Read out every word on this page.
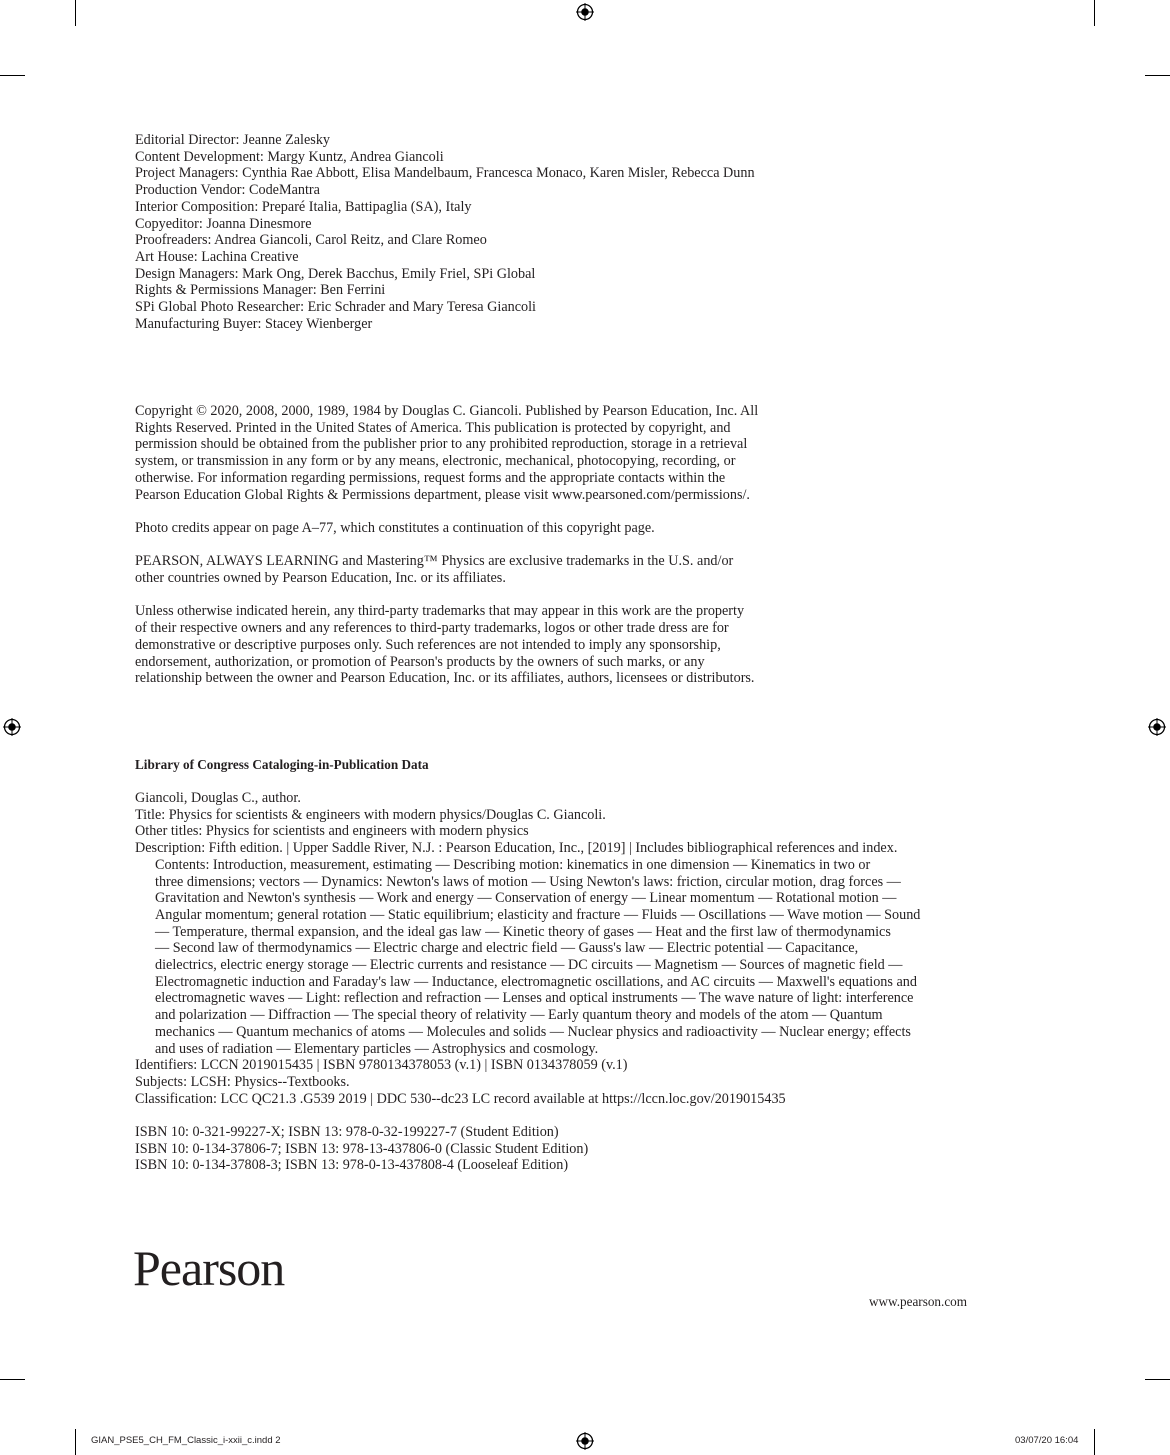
Editorial Director: Jeanne Zalesky
Content Development: Margy Kuntz, Andrea Giancoli
Project Managers: Cynthia Rae Abbott, Elisa Mandelbaum, Francesca Monaco, Karen Misler, Rebecca Dunn
Production Vendor: CodeMantra
Interior Composition: Preparé Italia, Battipaglia (SA), Italy
Copyeditor: Joanna Dinesmore
Proofreaders: Andrea Giancoli, Carol Reitz, and Clare Romeo
Art House: Lachina Creative
Design Managers: Mark Ong, Derek Bacchus, Emily Friel, SPi Global
Rights & Permissions Manager: Ben Ferrini
SPi Global Photo Researcher: Eric Schrader and Mary Teresa Giancoli
Manufacturing Buyer: Stacey Wienberger

Copyright © 2020, 2008, 2000, 1989, 1984 by Douglas C. Giancoli. Published by Pearson Education, Inc. All
Rights Reserved. Printed in the United States of America. This publication is protected by copyright, and
permission should be obtained from the publisher prior to any prohibited reproduction, storage in a retrieval
system, or transmission in any form or by any means, electronic, mechanical, photocopying, recording, or
otherwise. For information regarding permissions, request forms and the appropriate contacts within the
Pearson Education Global Rights & Permissions department, please visit www.pearsoned.com/permissions/.

Photo credits appear on page A–77, which constitutes a continuation of this copyright page.

PEARSON, ALWAYS LEARNING and Mastering™ Physics are exclusive trademarks in the U.S. and/or
other countries owned by Pearson Education, Inc. or its affiliates.

Unless otherwise indicated herein, any third-party trademarks that may appear in this work are the property
of their respective owners and any references to third-party trademarks, logos or other trade dress are for
demonstrative or descriptive purposes only. Such references are not intended to imply any sponsorship,
endorsement, authorization, or promotion of Pearson's products by the owners of such marks, or any
relationship between the owner and Pearson Education, Inc. or its affiliates, authors, licensees or distributors.

Library of Congress Cataloging-in-Publication Data
Giancoli, Douglas C., author.
Title: Physics for scientists & engineers with modern physics/Douglas C. Giancoli.
Other titles: Physics for scientists and engineers with modern physics
Description: Fifth edition. | Upper Saddle River, N.J. : Pearson Education, Inc., [2019] | Includes bibliographical references and index.
Contents: Introduction, measurement, estimating — Describing motion: kinematics in one dimension — Kinematics in two or
three dimensions; vectors — Dynamics: Newton's laws of motion — Using Newton's laws: friction, circular motion, drag forces —
Gravitation and Newton's synthesis — Work and energy — Conservation of energy — Linear momentum — Rotational motion —
Angular momentum; general rotation — Static equilibrium; elasticity and fracture — Fluids — Oscillations — Wave motion — Sound
— Temperature, thermal expansion, and the ideal gas law — Kinetic theory of gases — Heat and the first law of thermodynamics
— Second law of thermodynamics — Electric charge and electric field — Gauss's law — Electric potential — Capacitance,
dielectrics, electric energy storage — Electric currents and resistance — DC circuits — Magnetism — Sources of magnetic field —
Electromagnetic induction and Faraday's law — Inductance, electromagnetic oscillations, and AC circuits — Maxwell's equations and
electromagnetic waves — Light: reflection and refraction — Lenses and optical instruments — The wave nature of light: interference
and polarization — Diffraction — The special theory of relativity — Early quantum theory and models of the atom — Quantum
mechanics — Quantum mechanics of atoms — Molecules and solids — Nuclear physics and radioactivity — Nuclear energy; effects
and uses of radiation — Elementary particles — Astrophysics and cosmology.
Identifiers: LCCN 2019015435 | ISBN 9780134378053 (v.1) | ISBN 0134378059 (v.1)
Subjects: LCSH: Physics--Textbooks.
Classification: LCC QC21.3 .G539 2019 | DDC 530--dc23 LC record available at https://lccn.loc.gov/2019015435
ISBN 10: 0-321-99227-X; ISBN 13: 978-0-32-199227-7 (Student Edition)
ISBN 10: 0-134-37806-7; ISBN 13: 978-13-437806-0 (Classic Student Edition)
ISBN 10: 0-134-37808-3; ISBN 13: 978-0-13-437808-4 (Looseleaf Edition)
Pearson
www.pearson.com
GIAN_PSE5_CH_FM_Classic_i-xxii_c.indd 2	03/07/20 16:04
